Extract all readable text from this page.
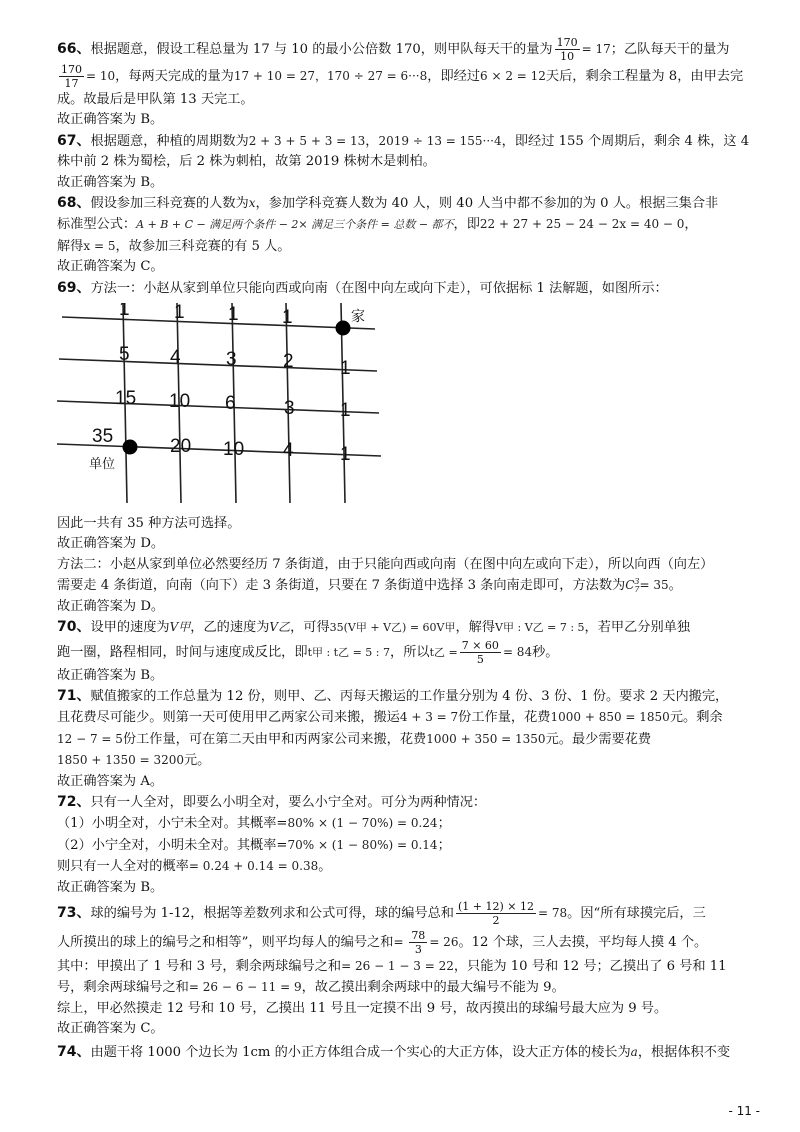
66、根据题意，假设工程总量为 17 与 10 的最小公倍数 170，则甲队每天干的量为 $\frac{170}{10} = 17$；乙队每天干的量为
$\frac{170}{17} = 10$，每两天完成的量为17 + 10 = 27，170 ÷ 27 = 6···8，即经过6 × 2 = 12天后，剩余工程量为 8，由甲去完
成。故最后是甲队第 13 天完工。
故正确答案为 B。
67、根据题意，种植的周期数为2 + 3 + 5 + 3 = 13，2019 ÷ 13 = 155···4，即经过 155 个周期后，剩余 4 株，这 4
株中前 2 株为蜀桧，后 2 株为刺柏，故第 2019 株树木是刺柏。
故正确答案为 B。
68、假设参加三科竞赛的人数为x，参加学科竞赛人数为 40 人，则 40 人当中都不参加的为 0 人。根据三集合非
标准型公式：A + B + C − 满足两个条件 − 2× 满足三个条件 = 总数 − 都不，即22 + 27 + 25 − 24 − 2x = 40 − 0，
解得x = 5，故参加三科竞赛的有 5 人。
故正确答案为 C。
69、方法一：小赵从家到单位只能向西或向南（在图中向左或向下走），可依据标 1 法解题，如图所示：
1 1 1 1
5 4 3 2 1
15 10 6	3 1
35	20 10 4 1
家
单位
因此一共有 35 种方法可选择。
故正确答案为 D。
方法二：小赵从家到单位必然要经历 7 条街道，由于只能向西或向南（在图中向左或向下走），所以向西（向左）
需要走 4 条街道，向南（向下）走 3 条街道，只要在 7 条街道中选择 3 条向南走即可，方法数为C 3
7 = 35。
故正确答案为 D。
70、设甲的速度为V甲，乙的速度为V乙，可得35(V甲 + V乙) = 60V甲，解得V甲 : V乙 = 7 : 5，若甲乙分别单独
跑一圈，路程相同，时间与速度成反比，即t甲 : t乙 = 5 : 7，所以t乙 = $\frac{7 \times 60}{5} = 84$秒。
故正确答案为 B。
71、赋值搬家的工作总量为 12 份，则甲、乙、丙每天搬运的工作量分别为 4 份、3 份、1 份。要求 2 天内搬完，
且花费尽可能少。则第一天可使用甲乙两家公司来搬，搬运4 + 3 = 7份工作量，花费1000 + 850 = 1850元。剩余
12 − 7 = 5份工作量，可在第二天由甲和丙两家公司来搬，花费1000 + 350 = 1350元。最少需要花费
1850 + 1350 = 3200元。
故正确答案为 A。
72、只有一人全对，即要么小明全对，要么小宁全对。可分为两种情况：
（1）小明全对，小宁未全对。其概率=80% × (1 − 70%) = 0.24；
（2）小宁全对，小明未全对。其概率=70% × (1 − 80%) = 0.14；
则只有一人全对的概率= 0.24 + 0.14 = 0.38。
故正确答案为 B。
73、球的编号为 1-12，根据等差数列求和公式可得，球的编号总和 $\frac{(1 + 12) \times 12}{2} = 78$。因“所有球摸完后，三
人所摸出的球上的编号之和相等”，则平均每人的编号之和= $\frac{78}{3} = 26$。12 个球，三人去摸，平均每人摸 4 个。
其中：甲摸出了 1 号和 3 号，剩余两球编号之和= 26 − 1 − 3 = 22，只能为 10 号和 12 号；乙摸出了 6 号和 11
号，剩余两球编号之和= 26 − 6 − 11 = 9，故乙摸出剩余两球中的最大编号不能为 9。
综上，甲必然摸走 12 号和 10 号，乙摸出 11 号且一定摸不出 9 号，故丙摸出的球编号最大应为 9 号。
故正确答案为 C。
74、由题干将 1000 个边长为 1cm 的小正方体组合成一个实心的大正方体，设大正方体的棱长为a，根据体积不变
- 11 -
